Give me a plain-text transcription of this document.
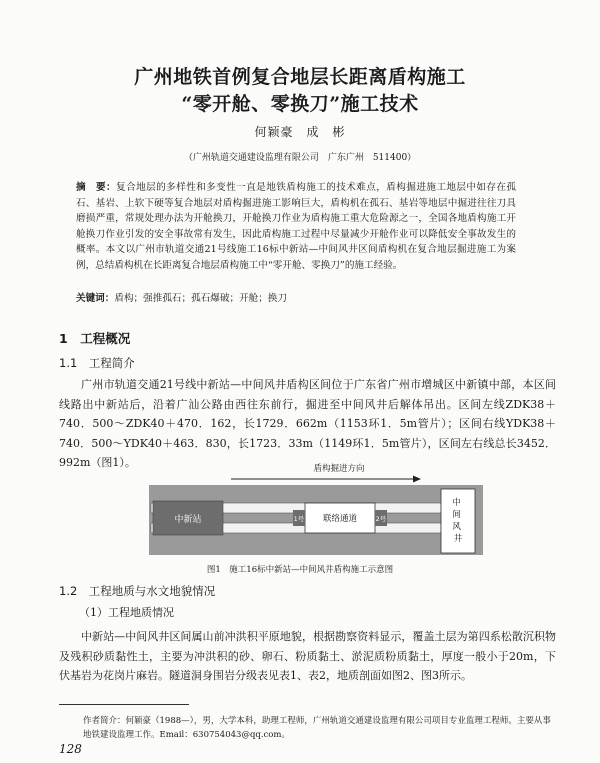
广州地铁首例复合地层长距离盾构施工
“零开舱、零换刀”施工技术
何颖豪　成　彬
（广州轨道交通建设监理有限公司　广东广州　511400）
摘　要：复合地层的多样性和多变性一直是地铁盾构施工的技术难点，盾构掘进施工地层中如存在孤石、基岩、上软下硬等复合地层对盾构掘进施工影响巨大，盾构机在孤石、基岩等地层中掘进往往刀具磨损严重，常规处理办法为开舱换刀，开舱换刀作业为盾构施工重大危险源之一，全国各地盾构施工开舱换刀作业引发的安全事故常有发生，因此盾构施工过程中尽量减少开舱作业可以降低安全事故发生的概率。本文以广州市轨道交通21号线施工16标中新站—中间风井区间盾构机在复合地层掘进施工为案例，总结盾构机在长距离复合地层盾构施工中“零开舱、零换刀”的施工经验。
关键词：盾构；强推孤石；孤石爆破；开舱；换刀
1　工程概况
1.1　工程简介
广州市轨道交通21号线中新站—中间风井盾构区间位于广东省广州市增城区中新镇中部，本区间线路出中新站后，沿着广汕公路由西往东前行，掘进至中间风井后解体吊出。区间左线ZDK38＋740．500～ZDK40＋470．162，长1729．662m（1153环1．5m管片）；区间右线YDK38＋740．500～YDK40＋463．830，长1723．33m（1149环1．5m管片），区间左右线总长3452．992m（图1）。	盾构掘进方向
中新站	联络通道
1号	2号
中 间 风 井
图1　施工16标中新站—中间风井盾构施工示意图
1.2　工程地质与水文地貌情况
（1）工程地质情况
中新站—中间风井区间属山前冲洪积平原地貌，根据勘察资料显示，覆盖土层为第四系松散沉积物及残积砂质黏性土，主要为冲洪积的砂、卵石、粉质黏土、淤泥质粉质黏土，厚度一般小于20m，下伏基岩为花岗片麻岩。隧道洞身围岩分级表见表1、表2，地质剖面如图2、图3所示。
作者简介：何颖豪（1988—），男，大学本科，助理工程师，广州轨道交通建设监理有限公司项目专业监理工程师。主要从事地铁建设监理工作。Email：630754043@qq.com。
128
